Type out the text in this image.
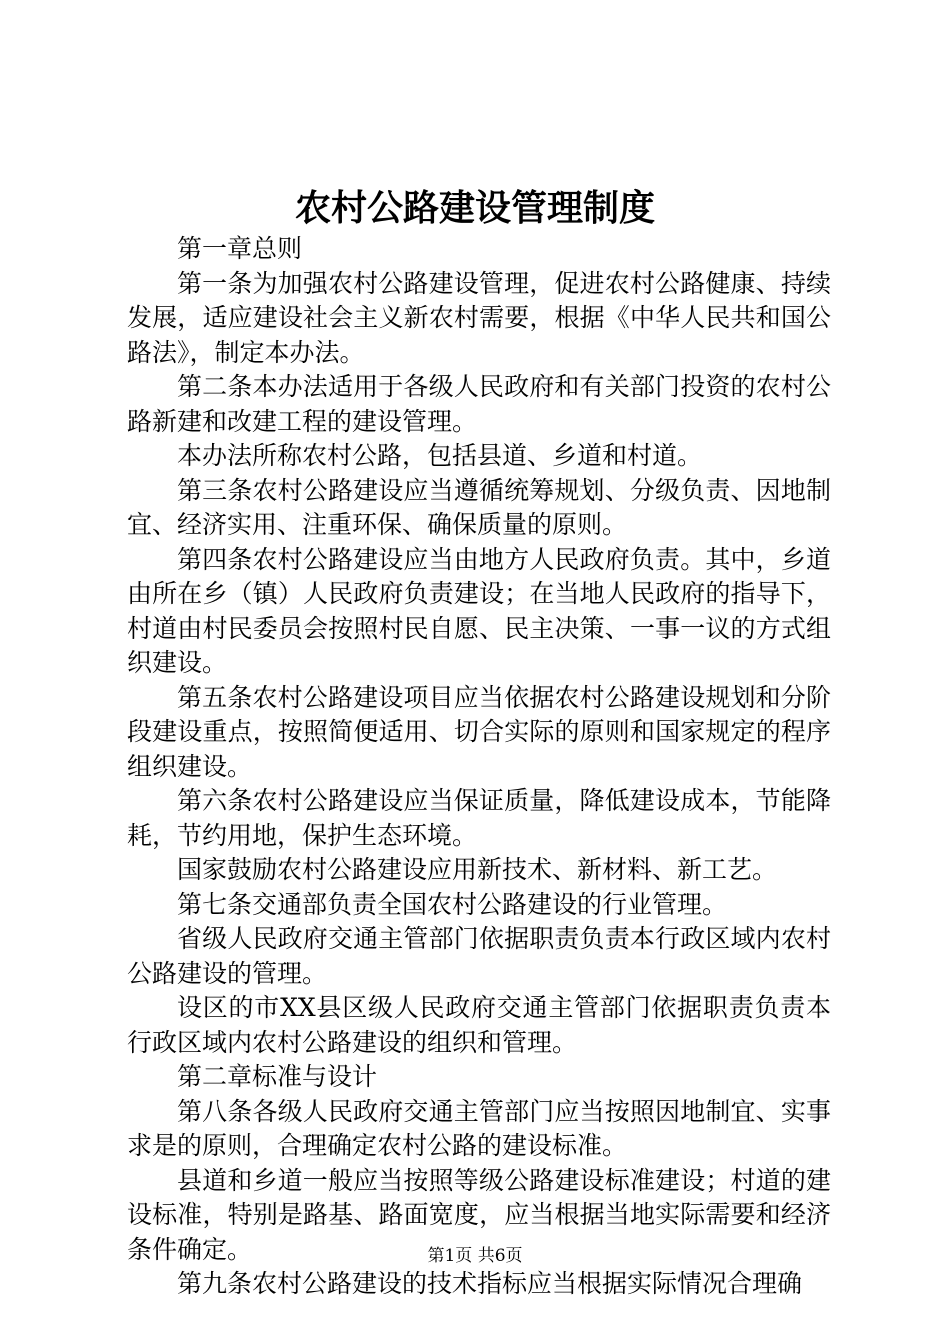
农村公路建设管理制度

第一章总则

第一条为加强农村公路建设管理，促进农村公路健康、持续发展，适应建设社会主义新农村需要，根据《中华人民共和国公路法》，制定本办法。

第二条本办法适用于各级人民政府和有关部门投资的农村公路新建和改建工程的建设管理。

本办法所称农村公路，包括县道、乡道和村道。

第三条农村公路建设应当遵循统筹规划、分级负责、因地制宜、经济实用、注重环保、确保质量的原则。

第四条农村公路建设应当由地方人民政府负责。其中，乡道由所在乡（镇）人民政府负责建设；在当地人民政府的指导下，村道由村民委员会按照村民自愿、民主决策、一事一议的方式组织建设。

第五条农村公路建设项目应当依据农村公路建设规划和分阶段建设重点，按照简便适用、切合实际的原则和国家规定的程序组织建设。

第六条农村公路建设应当保证质量，降低建设成本，节能降耗，节约用地，保护生态环境。

国家鼓励农村公路建设应用新技术、新材料、新工艺。

第七条交通部负责全国农村公路建设的行业管理。

省级人民政府交通主管部门依据职责负责本行政区域内农村公路建设的管理。

设区的市XX县区级人民政府交通主管部门依据职责负责本行政区域内农村公路建设的组织和管理。

第二章标准与设计

第八条各级人民政府交通主管部门应当按照因地制宜、实事求是的原则，合理确定农村公路的建设标准。

县道和乡道一般应当按照等级公路建设标准建设；村道的建设标准，特别是路基、路面宽度，应当根据当地实际需要和经济条件确定。

第九条农村公路建设的技术指标应当根据实际情况合理确

第1页 共6页
